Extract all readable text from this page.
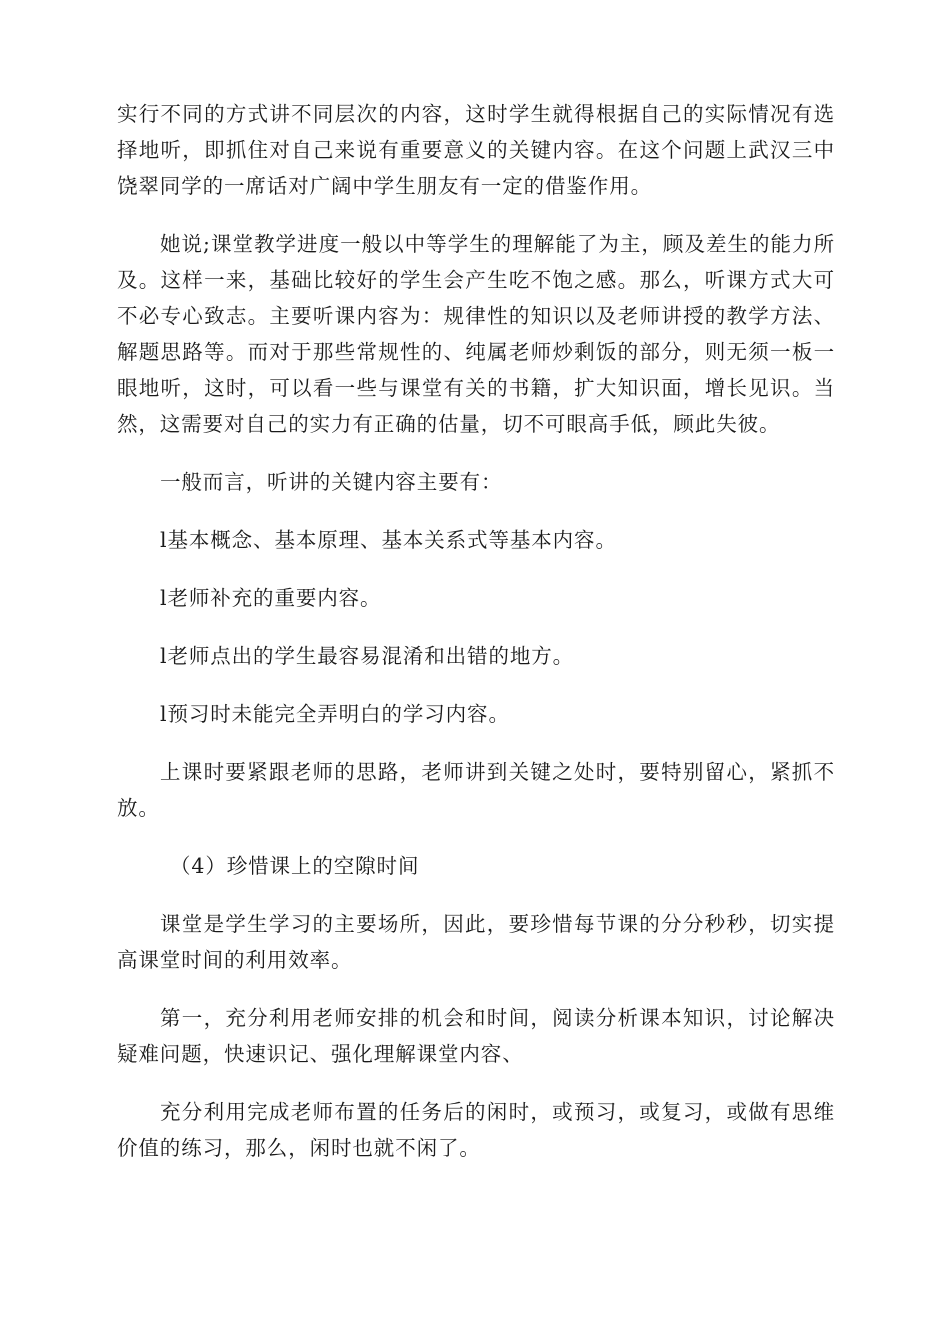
实行不同的方式讲不同层次的内容，这时学生就得根据自己的实际情况有选择地听，即抓住对自己来说有重要意义的关键内容。在这个问题上武汉三中饶翠同学的一席话对广阔中学生朋友有一定的借鉴作用。

她说;课堂教学进度一般以中等学生的理解能了为主，顾及差生的能力所及。这样一来，基础比较好的学生会产生吃不饱之感。那么，听课方式大可不必专心致志。主要听课内容为：规律性的知识以及老师讲授的教学方法、解题思路等。而对于那些常规性的、纯属老师炒剩饭的部分，则无须一板一眼地听，这时，可以看一些与课堂有关的书籍，扩大知识面，增长见识。当然，这需要对自己的实力有正确的估量，切不可眼高手低，顾此失彼。

一般而言，听讲的关键内容主要有：

l基本概念、基本原理、基本关系式等基本内容。

l老师补充的重要内容。

l老师点出的学生最容易混淆和出错的地方。

l预习时未能完全弄明白的学习内容。

上课时要紧跟老师的思路，老师讲到关键之处时，要特别留心，紧抓不放。

（4）珍惜课上的空隙时间

课堂是学生学习的主要场所，因此，要珍惜每节课的分分秒秒，切实提高课堂时间的利用效率。

第一，充分利用老师安排的机会和时间，阅读分析课本知识，讨论解决疑难问题，快速识记、强化理解课堂内容、

充分利用完成老师布置的任务后的闲时，或预习，或复习，或做有思维价值的练习，那么，闲时也就不闲了。
